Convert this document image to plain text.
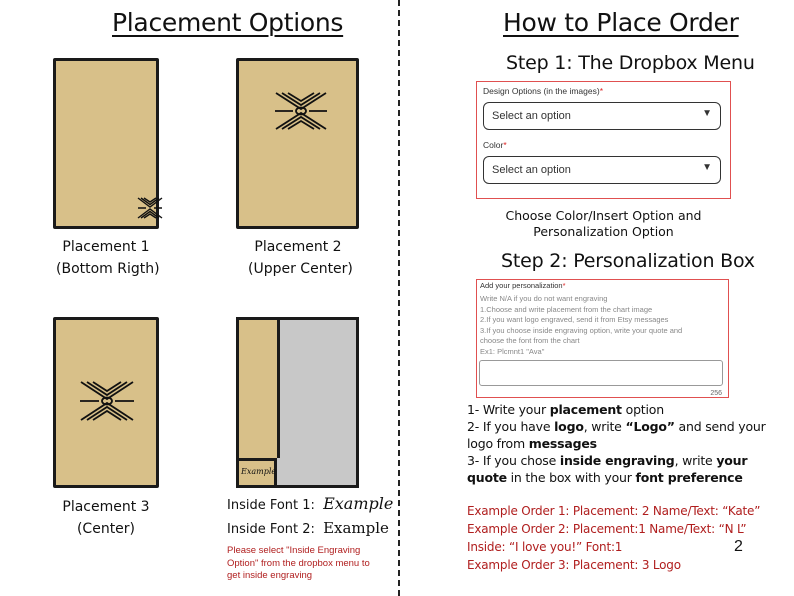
Placement Options
Placement 1
(Bottom Rigth)
Placement 2
(Upper Center)
Placement 3
(Center)
Example
Inside Font 1: Example
Inside Font 2: Example
Please select "Inside Engraving
Option" from the dropbox menu to
get inside engraving
How to Place Order
Step 1: The Dropbox Menu
Design Options (in the images)*
Select an option	▼
Color*
Select an option	▼
Choose Color/Insert Option and
Personalization Option
Step 2: Personalization Box
Add your personalization*
Write N/A if you do not want engraving
1.Choose and write placement from the chart image
2.If you want logo engraved, send it from Etsy messages
3.If you choose inside engraving option, write your quote and
choose the font from the chart
Ex1: Plcmnt1 "Ava"
256
1- Write your placement option
2- If you have logo, write “Logo” and send your
logo from messages
3- If you chose inside engraving, write your
quote in the box with your font preference
Example Order 1: Placement: 2 Name/Text: “Kate”
Example Order 2: Placement:1 Name/Text: “N L”
Inside: “I love you!” Font:1
Example Order 3: Placement: 3 Logo
2
